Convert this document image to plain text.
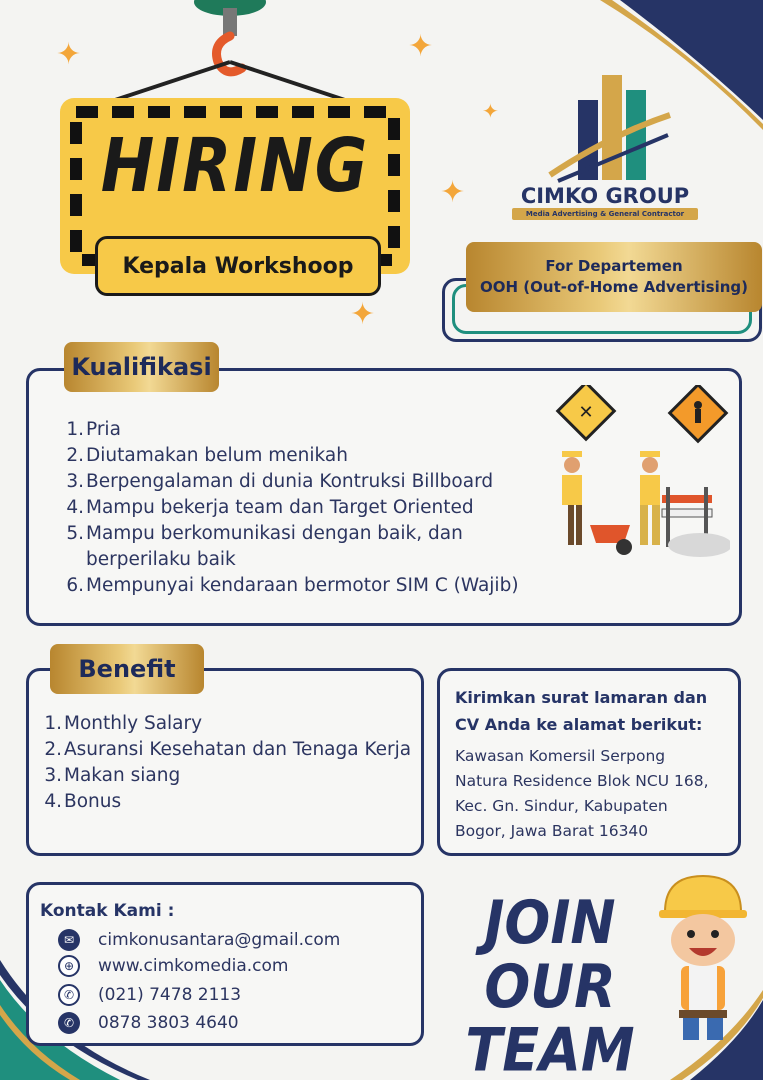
✦	✦
✦
✦
✦
HIRING
Kepala Workshoop
CIMKO GROUP
Media Advertising & General Contractor
For Departemen
OOH (Out-of-Home Advertising)
Kualifikasi
1. Pria
2. Diutamakan belum menikah
3. Berpengalaman di dunia Kontruksi Billboard
4. Mampu bekerja team dan Target Oriented
5. Mampu berkomunikasi dengan baik, dan
berperilaku baik
6. Mempunyai kendaraan bermotor SIM C (Wajib)
✕
Benefit
1. Monthly Salary
2. Asuransi Kesehatan dan Tenaga Kerja
3. Makan siang
4. Bonus
Kirimkan surat lamaran dan
CV Anda ke alamat berikut:
Kawasan Komersil Serpong
Natura Residence Blok NCU 168,
Kec. Gn. Sindur, Kabupaten
Bogor, Jawa Barat 16340
Kontak Kami :
✉	cimkonusantara@gmail.com
⊕	www.cimkomedia.com
✆	(021) 7478 2113
✆	0878 3803 4640
JOIN
OUR TEAM
